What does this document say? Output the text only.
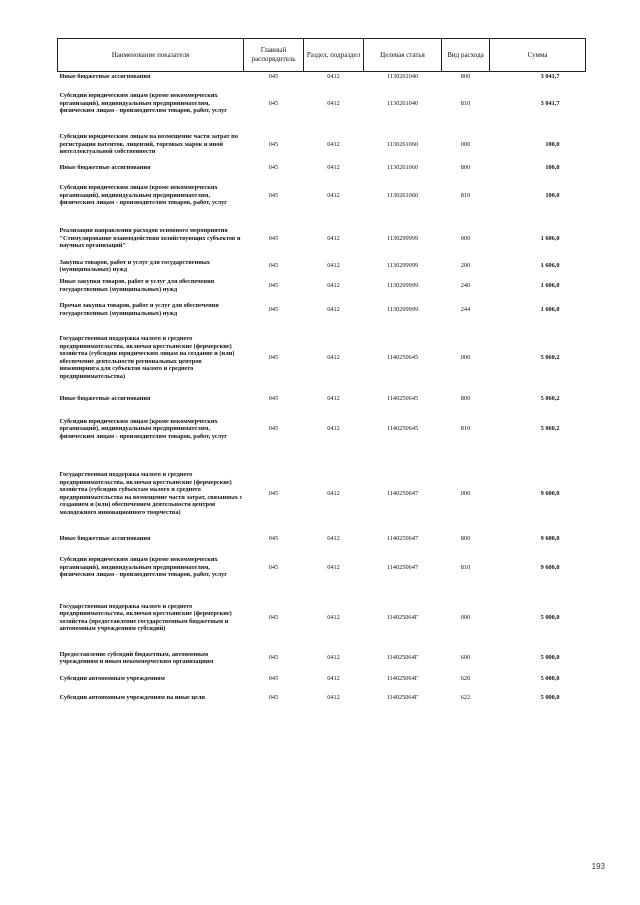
Наименование показателя	Главный распорядитель	Раздел, подраздел	Целевая статья	Вид расхода	Сумма

Иные бюджетные ассигнования	045	0412	1130261040	800	3 041,7

Субсидии юридическим лицам (кроме некоммерческих организаций), индивидуальным предпринимателям, физическим лицам - производителям товаров, работ, услуг	045	0412	1130261040	810	3 041,7

Субсидии юридическим лицам на возмещение части затрат по регистрации патентов, лицензий, торговых марок и иной интеллектуальной собственности	045	0412	1130261060	000	100,0

Иные бюджетные ассигнования	045	0412	1130261060	800	100,0

Субсидии юридическим лицам (кроме некоммерческих организаций), индивидуальным предпринимателям, физическим лицам - производителям товаров, работ, услуг	045	0412	1130261060	810	100,0

Реализация направления расходов основного мероприятия "Стимулирование взаимодействия хозяйствующих субъектов и научных организаций"	045	0412	1130299999	000	1 606,0

Закупка товаров, работ и услуг для государственных (муниципальных) нужд	045	0412	1130299999	200	1 606,0

Иные закупки товаров, работ и услуг для обеспечения государственных (муниципальных) нужд	045	0412	1130299999	240	1 606,0

Прочая закупка товаров, работ и услуг для обеспечения государственных (муниципальных) нужд	045	0412	1130299999	244	1 606,0

Государственная поддержка малого и среднего предпринимательства, включая крестьянские (фермерские) хозяйства (субсидии юридическим лицам на создание и (или) обеспечение деятельности региональных центров инжиниринга для субъектов малого и среднего предпринимательства)	045	0412	1140250645	000	5 060,2

Иные бюджетные ассигнования	045	0412	1140250645	800	5 060,2

Субсидии юридическим лицам (кроме некоммерческих организаций), индивидуальным предпринимателям, физическим лицам - производителям товаров, работ, услуг	045	0412	1140250645	810	5 060,2

Государственная поддержка малого и среднего предпринимательства, включая крестьянские (фермерские) хозяйства (субсидии субъектам малого и среднего предпринимательства на возмещение части затрат, связанных с созданием и (или) обеспечением деятельности центров молодежного инновационного творчества)	045	0412	1140250647	000	9 600,0

Иные бюджетные ассигнования	045	0412	1140250647	800	9 600,0

Субсидии юридическим лицам (кроме некоммерческих организаций), индивидуальным предпринимателям, физическим лицам - производителям товаров, работ, услуг	045	0412	1140250647	810	9 600,0

Государственная поддержка малого и среднего предпринимательства, включая крестьянские (фермерские) хозяйства (предоставление государственным бюджетным и автономным учреждениям субсидий)	045	0412	114025064Г	000	5 000,0

Предоставление субсидий бюджетным, автономным учреждениям и иным некоммерческим организациям	045	0412	114025064Г	600	5 000,0

Субсидии автономным учреждениям	045	0412	114025064Г	620	5 000,0

Субсидии автономным учреждениям на иные цели	045	0412	114025064Г	622	5 000,0
193
